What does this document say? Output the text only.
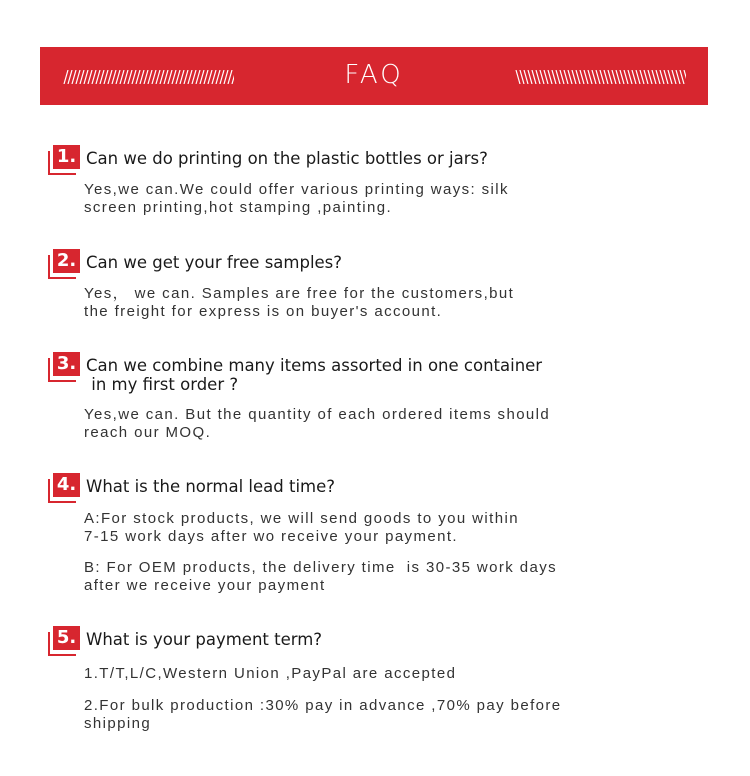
FAQ
1. Can we do printing on the plastic bottles or jars?
Yes,we can.We could offer various printing ways: silk
screen printing,hot stamping ,painting.
2. Can we get your free samples?
Yes， we can. Samples are free for the customers,but
the freight for express is on buyer's account.
3. Can we combine many items assorted in one container
in my first order ?
Yes,we can. But the quantity of each ordered items should
reach our MOQ.
4. What is the normal lead time?
A:For stock products, we will send goods to you within
7-15 work days after wo receive your payment.
B: For OEM products, the delivery time  is 30-35 work days
after we receive your payment
5. What is your payment term?
1.T/T,L/C,Western Union ,PayPal are accepted
2.For bulk production :30% pay in advance ,70% pay before
shipping
